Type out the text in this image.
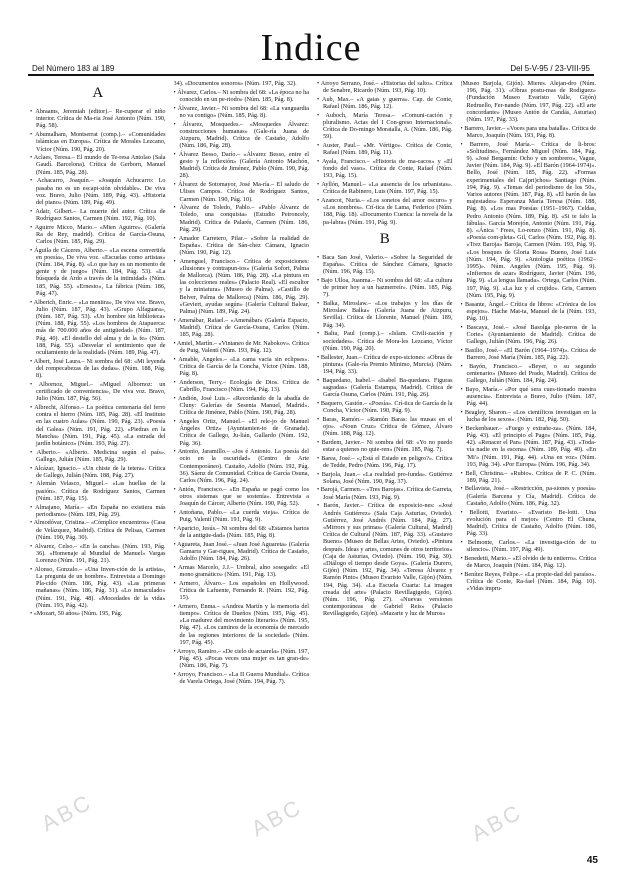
Indice
Del Número 183 al 189	Del 5-V-95 / 23-VIII-95
A
• Abraams, Jeremiah (editor).– Re-cuperar el niño interior. Crítica de Ma-ria José Antonio (Núm. 190, Pág. 58).
• Abumalham, Montserrat (comp.).– «Comunidades islámicas en Europa». Crítica de Morales Lezcano, Víctor (Núm. 190, Pág. 20).
• Aclaes, Teresa.– El mundo de Te-resa Antolao (Sala Gaudí. Barcelona). Crítica de Gerborn, Manuel (Núm. 185, Pág. 28).
• Achacarro, Joaquín.– «Joaquín Achucarro: Lo pasaba no es un escapi-sión olvidable». De viva voz. Bravo, Julio (Núm. 189, Pág. 43). «Historia del piano» (Núm. 189, Pág. 49).
• Adair, Gilbert.– La muerte del autor. Crítica de Rodríguez Santos, Carmen (Núm. 192, Pág. 10).
• Aguirre Micco, Mario.– «Mien Aguirre». (Galería Ra de Rey, madrid). Crítica de García-Osuna, Carlos (Núm. 185, Pág. 29).
• Águila de Cáceres, Alberto.– «La escena convertida en poesía», De viva voz. «Escuelas como artistas» (Núm. 184, Pág. 8). «Lo que hay es un momento de gente y de juego» (Núm. 184, Pág. 53). «La búsqueda de Ardo a través de la intimidad» (Núm. 185, Pág. 55). «Ernesto», La fábrica (Núm. 186, Pág. 47).
• Alberich, Enric.– «La mentira», De viva voz. Bravo, Julio (Núm. 187, Pág. 43). «Grupo Alfaguara», (Núm. 187, Pág. 53). «Un hombre sin biblioteca» (Núm. 188, Pág. 55). «Los hombres de Atapuerca: más de 700.000 años de antigüedad» (Núm. 187, Pág. 40). «El destello del alma y de la fe» (Núm. 188, Pág. 55). «Desvelar el sentimiento que de ocultamiento de la realidad» (Núm. 189, Pág. 47).
• Albert, José Laura.– Ni sombra del 68: «Mi leyenda del rompecabezas de las dudas». (Núm. 188, Pág. 8).
• Albornoz, Miguel.– «Miguel Albornoz: un certificado de conveniencia», De viva voz. Bravo, Julio (Núm. 187, Pág. 56).
• Albrecht, Alfonso.– La poética centenaria del ferro contra el hierro (Núm. 185, Pág. 28). «El Instituto en las cuatro Aulas» (Núm. 190, Pág. 23). «Poesía del Galea» (Núm. 191, Pág. 22). «Piedras en la Mancha» (Núm. 191, Pág. 45). «La estrada del jardín botánico» (Núm. 193, Pág. 27).
• Alberto.– «Alberto. Medicina según el país». Gallego, Julián (Núm. 185, Pág. 29).
• Alcázar, Ignacio.– «Un chiste de la tetera». Crítica de Gallego, Julián (Núm. 188, Pág. 27).
• Alemán Velasco, Miguel.– «Las huellas de la pasión». Crítica de Rodríguez Santos, Carmen (Núm. 187, Pág. 15).
• Almajano, María.– «En España no existiera más periodismo» (Núm. 189, Pág. 29).
• Almodóvar, Cristina.– «Cómplice encuentros» (Casa de Velázquez, Madrid). Crítica de Pelisas, Carmen (Núm. 190, Pág. 30).
• Alvarez, Celso.– «En la cancha» (Núm. 193, Pág. 36). «Homenaje al Mundial de Manuel» Vargas Lorenzo (Núm. 191, Pág. 21).
• Alonso, Gonzalo.– «Una Inven-ción de la artista», La pregunta de un hombre». Entrevista a Domingo Pla-cido (Núm. 186, Pág. 43). «Las primeras mañanas» (Núm. 186, Pág. 31). «Lo inmaculado» (Núm. 191, Pág. 48). «Mocedades de la vida» (Núm. 193, Pág. 42).
• «Mozart, 50 años» (Núm. 195, Pág.
34). «Documentos sonoros» (Núm. 197, Pág. 32).
• Álvarez, Carlos.– Ni sombra del 68: «La época no ha conocido en un pe-riodo» (Núm. 185, Pág. 8).
• Álvarez, Javier.– Ni sombra del 68: «La vanguardia no va contigo» (Núm. 185, Pág. 8).
• Álvarez, Mosquedes.– «Mosquedes Álvarez: construcciones humanas» (Gale-ría Juana de Aizpuru, Madrid). Crítica de Castaño, Adolfo (Núm. 186, Pág. 28).
• Álvarez Besso, Darío.– «Álvarez Besso, entre el gesto y la reflexión» (Galería Antonio Machón, Madrid). Crítica de Jiménez, Pablo (Núm. 190, Pág. 28).
• Álvarez de Sotomayor, José Ma-ría.– El saludo de Ulises Campos. Crítica de Rodríguez Santos, Carmen (Núm. 190, Pág. 10).
• Álvarez de Toledo, Pablo.– «Pablo Álvarez de Toledo, una conquista» (Estudio Peironcely, Madrid). Crítica de Palarés, Carmen (Núm. 186, Pág. 29).
• Amador Carretero, Pilar.– «Sobre la realidad de España». Crítica de Sán-chez Cámara, Ignacio (Núm. 190, Pág. 12).
• Amenguel, Francisco.– Crítica de exposiciones: «Ilusiones y contrapun-tos» (Galería Sofort, Palma de Mallorca). (Núm. 186, Pág. 28). «La pintura en las colecciones reales» (Palacio Real). «El escultor y la miniatura» (Museo de Palma). «Castillo de Belver, Palma de Mallorca) (Núm. 186, Pág. 29). «Geviert, ayudas según» (Galería Cultural Balear, Palma) (Núm. 189, Pág. 24).
• Amenábar, Rafael.– «Amenábar» (Galería Espacio, Madrid). Crítica de García-Osuna, Carlos (Núm. 185, Pág. 28).
• Amiel, Martín.– «Vintaneo de Mr. Nabokov». Crítica de Puig, Valentí (Núm. 193, Pág. 12).
• Amable, Angeles.– «La cama vacia sin eclipses». Crítica de García de la Concha, Víctor (Núm. 188, Pág. 8).
• Anderson, Terry.– Ecología de Dios. Crítica de Cabrillo, Francisco (Núm. 194, Pág. 13).
• Andión, José Luis.– «Recordando de la abadía de Cluny: Galerías de Sesenta Manuel, Madrid». Crítica de Jiménez, Pablo (Núm. 190, Pág. 28).
• Angeles Ortiz, Manuel.– «El rele-jo de Manuel Ángeles Ortiz» (Ayuntamien-to de Granada). Crítica de Gallego, Ju-lián, Gallardo (Núm. 192, Pág. 36).
• Antonio, Jaramillo.– «Jos é Antonio. La poesía del ocio en la oscuridad» (Centro de Arte Contemporáneo). Castaño, Adolfo (Núm. 192, Pág. 36). Sáenz de Comunidad. Crítica de García Osuna, Carlos (Núm. 196, Pág. 24).
• Antón, Francisco.– «En España se pagó como los otros sistemas que se sostenía». Entrevista a Joaquín de Cárcer, Alberto (Núm. 190, Pág. 52).
• Antoñana, Pablo.– «La cuerda vieja». Crítica de Puig, Valentí (Núm. 191, Pág. 9).
• Aparicio, Jesús.– Ni sombra del 68: «Estamos hartos de la antigüe-dad» (Núm. 185, Pág. 8).
• Aguareta, Juan José.– «Juan José Aguareta» (Galería Gamarra y Gar-rigues, Madrid). Crítica de Castaño, Adolfo (Núm. 184, Pág. 26).
• Armas Marcelo, J.J.– Umbral, alno sosegado: «El mono gramático» (Núm. 191, Pág. 13).
• Armero, Álvaro.– Los españoles en Hollywood. Crítica de Lafuente, Fernando R. (Núm. 192, Pág. 15).
• Armero, Enma.– «Andrea Martín y la memoria del tiempo». Crítica de Dueños (Núm. 195, Pág. 45). «La madurez del movimiento literario» (Núm. 195, Pág. 47). «Los caminos de la economía de mercado de las regiones interiores de la sociedad» (Núm. 197, Pág. 45).
• Arroyo, Ramiro.– «De cielo de acuarela» (Núm. 197, Pág. 45). «Pocas veces una mujer es tan gran-de» (Núm. 186, Pág. 7).
• Arroyo, Francisco.– «La II Guerra Mundial». Crítica de Varela Ortega, José (Núm. 194, Pág. 7).
• Arroyo Serrano, José.– «Historias del salto». Crítica de Senabre, Ricardo (Núm. 193, Pág. 10).
• Aub, Max.– «A gatas y guerra». Cap. de Conte, Rafael (Núm. 186, Pág. 12).
• Auboch, María Teresa.– «Comuni-cación y pluralismo. Actas del I Con-greso Internacional». Crítica de Do-mingo Moratalla, A. (Núm. 186, Pág. 59).
• Auster, Paul.– «Mr. Vértigo». Crítica de Conte, Rafael (Núm. 189, Pág. 11).
• Ayala, Francisco.– «Historia de ma-cacos» y «El fondo del vaso». Crítica de Conte, Rafael (Núm. 193, Pág. 15).
• Ayllón, Manuel.– «La ausencia de los urbanistas». Crítica de Rabinero, Luis (Núm. 197, Pág. 15).
• Azancot, Nuria.– «Los sonetos del amor oscuro» y «Los nombres». Crí-tica de Lama, Federico (Núm. 188, Pág. 18). «Documento Cuenca: la novela de la pa-labra» (Núm. 191, Pág. 9).
B
• Baca San José, Valerio.– «Sobre la Seguridad de España». Crítica de Sánchez Cámara, Ignacio (Núm. 196, Pág. 15).
• Bajo Ulloa, Juanma.– Ni sombra del 68: «La cultura de primer hoy a un hazmerreír». (Núm. 185, Pág. 7).
• Balka, Miroslaw.– «Los trabajos y los días de Miroslaw Balka» (Galería Juana de Aizpuru, Sevilla). Crítica de Llorente, Manuel (Núm. 189, Pág. 34).
• Balta, Paul (comp.).– «Islam. Civili-zación y sociedades». Crítica de Mora-les Lezcano, Víctor (Núm. 190, Pág. 20).
• Ballester, Juan.– Crítica de expo-siciones: «Obras de pintura» (Gale-ría Premio Mínimo, Murcia). (Núm. 194, Pág. 33).
• Baquedano, Isabel.– «Isabel Ba-quedano. Figuras sagradas» (Galería Estampa, Madrid). Crítica de García Osuna, Carlos (Núm. 191, Pág. 26).
• Baquero, Gastón.– «Poesía». Crí-tica de García de la Concha, Víctor (Núm. 190, Pág. 9).
• Baras, Ramón.– «Ramón Baras: las musas en el ojo». «Noun Cruz» Crítica de Gómez, Álvaro (Núm. 188, Pág. 12).
• Bardem, Javier.– Ni sombra del 68: «Yo no puedo estar a quienes no quie-ren» (Núm. 185, Pág. 7).
• Barea, José.– «¿Está el Estado en peligro?». Crítica de Tedde, Pedro (Núm. 196, Pág. 17).
• Barjola, Juan.– «La realidad pro-funda». Gutiérrez Solana, José (Núm. 190, Pág. 37).
• Barojá, Carmen.– «Tres Barojas». Crítica de Garreta, José María (Núm. 193, Pág. 9).
• Barón, Javier.– Crítica de exposicio-nes: «José Andrés Gutiérrez» (Sala Caja Asturias, Oviedo). Gutiérrez, José Andrés (Núm. 184, Pág. 27). «Mirrors y sus primas» (Galería Cultural, Madrid) Crítica de Cultural (Núm. 187, Pág. 33). «Gustavo Bueno» (Museo de Bellas Artes, Oviedo). «Pintura después. Ideas y artes, comunes de otros territorios» (Caja de Asturias, Oviedo). (Núm. 190, Pág. 30). «Diálogo el tiempo desde Goya». (Galería Durero, Gijón) (Núm. 192, Pág. 34). «Teresa Álvarez y Ramón Pinto» (Museo Evaristo Valle, Gijón) (Núm. 194, Pág. 34). «La Escuela Cuarta: La imagen creada del arte» (Palacio Revillagigedo, Gijón). (Núm. 196, Pág. 27). «Nuevas versiones contemporáneas de Gabriel Reis» (Palacio Revillagigedo, Gijón). «Mazarte y luz de Muros»
(Museo Barjola, Gijón). Mieres. Alejan-dro (Núm. 196, Pág. 31). «Obras postu-mas de Rodiguez» (Fundación Museo Evaristo Valle, Gijón) Redruello, Fer-nando (Núm. 197, Pág. 22). «El arte concordante» (Museo Antón de Candás, Asturias) (Núm. 197, Pág. 33).
• Barrero, Javier.– «Voces para una batalla». Crítica de Marco, Joaquín (Núm. 193, Pág. 8).
• Barrero, José María.– Crítica de li-bros: «Solitudine», Fernández Miguel (Núm. 184, Pág. 9). «José Bergamín: Ocho y un sombrero», Vague, Javier (Núm. 184, Pág. 9). «El Barón (1964-1974)». Bello, José (Núm. 185, Pág. 22). «Formas experimentales del Ca(pri)chos» Santiago (Núm. 194, Pág. 9). «Temas del periodismo de los 50», Varios autores (Núm. 187, Pág. 8). «El barón de las majestades» Esperanza María Teresa (Núm. 188, Pág. 8). «Los mas Poesías (1951–1967). Celdas, Pedro Antonio (Núm. 189, Pág. 8). «Si te falo la fábula». García Morejón, Antonio (Núm. 191, Pág. 8). «Ánica ' Frees, Lo-renzo (Núm. 191, Pág. 8). «Poesía com-pleta» Gil, Carlos (Núm. 192, Pág. 8). «Trez Baroja» Baroja, Carmen (Núm. 193, Pág. 9). «Los bosques de Gloria Rosa» Bueno, José Luis (Núm. 194, Pág. 9). «Antología poética (1962–1995)». Núm. Angeles (Núm. 195, Pág. 9). «Infiernos de azar» Rodríguez, Javier (Núm. 196, Pág. 9). «La lengua llamada». Ortega, Carlos (Núm. 197, Pág. 9). «La luz y el crujido». Gris, Carmen (Núm. 195, Pág. 9).
• Basante, Ángel.– Crítica de libros: «Crónica de los espejos». Hache Mat-ta, Manuel de la (Núm. 193, Pág. 10).
• Bascaya, José.– «José Basolga ple-neros de la Corte» (Ayuntamiento de Madrid). Crítica de Gallego, Julián (Núm. 196, Pág. 26).
• Basilio, José.– «El Barón (1964–1974)». Crítica de Barrero, José María (Núm. 185, Pág. 22).
• Bayón, Francisco.– «Beyer, o su segundo centenario» (Museo del Prado, Madrid). Crítica de Gallego, Julián (Núm. 184, Pág. 24).
• Bayo, María.– «Por qué sera cues-tionado nuestra ausencia». Entrevista a Bravo, Julio (Núm. 187, Pág. 44).
• Beagley, Sharon.– «Los científicos investigan en la lucha de los sexos». (Núm. 182, Pág. 50).
• Beckenbauer.– «Fuego y extrañe-za». (Núm. 184, Pág. 43). «El principio el Pago» (Núm. 185, Pág. 42). «Renacer el Pan» (Núm. 187, Pág. 43). «Toda-vía nadie en la escena» (Núm. 189, Pág. 40). «En 'Mi'» (Núm. 191, Pág. 44). «Una en voz» (Núm. 193, Pág. 34). «Por Europa» (Núm. 196, Pág. 34).
• Bell, Christina.– «Rubio». Crítica de P. C. (Núm. 189, Pág. 21).
• Bellavista, José.– «Restricción, pa-siones y poesía» (Galería Barcena y Cía, Madrid). Crítica de Castaño, Adolfo (Núm. 186, Pág. 32).
• Bellotti, Evaristo.– «Evaristo Be-lotti. Una evolución para el mejor» (Centro El Chuna, Madrid). Crítica de Castaño, Adolfo (Núm. 186, Pág. 33).
• Belmonte, Carlos.– «La investiga-ción de tu silencio». (Núm. 197, Pág. 49).
• Benedetti, Mario.– «El olvido de tu entierro». Crítica de Marco, Joaquín (Núm. 184, Pág. 12).
• Benítez Reyes, Felipe.– «La propie-dad del paraíso». Crítica de Conte, Ra-fael (Núm. 184, Pág. 10). «Vidas impru-
45
ABC	ABC	ABC
